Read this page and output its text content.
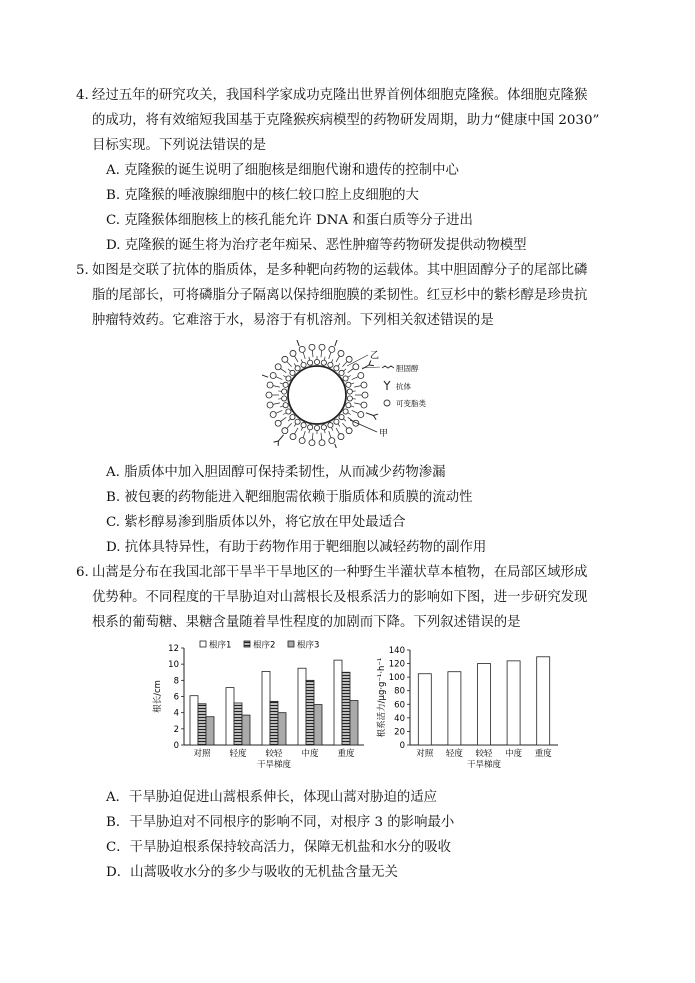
4. 经过五年的研究攻关，我国科学家成功克隆出世界首例体细胞克隆猴。体细胞克隆猴
的成功，将有效缩短我国基于克隆猴疾病模型的药物研发周期，助力“健康中国 2030”
目标实现。下列说法错误的是
A. 克隆猴的诞生说明了细胞核是细胞代谢和遗传的控制中心
B. 克隆猴的唾液腺细胞中的核仁较口腔上皮细胞的大
C. 克隆猴体细胞核上的核孔能允许 DNA 和蛋白质等分子进出
D. 克隆猴的诞生将为治疗老年痴呆、恶性肿瘤等药物研发提供动物模型
5. 如图是交联了抗体的脂质体，是多种靶向药物的运载体。其中胆固醇分子的尾部比磷
脂的尾部长，可将磷脂分子隔离以保持细胞膜的柔韧性。红豆杉中的紫杉醇是珍贵抗
肿瘤特效药。它难溶于水，易溶于有机溶剂。下列相关叙述错误的是
乙
甲
胆固醇
抗体
可变脂类
A. 脂质体中加入胆固醇可保持柔韧性，从而减少药物渗漏
B. 被包裹的药物能进入靶细胞需依赖于脂质体和质膜的流动性
C. 紫杉醇易渗到脂质体以外，将它放在甲处最适合
D. 抗体具特异性，有助于药物作用于靶细胞以减轻药物的副作用
6. 山蒿是分布在我国北部干旱半干旱地区的一种野生半灌状草本植物，在局部区域形成
优势种。不同程度的干旱胁迫对山蒿根长及根系活力的影响如下图，进一步研究发现
根系的葡萄糖、果糖含量随着旱性程度的加剧而下降。下列叙述错误的是
0
2
4
6
8
10
12
对照 轻度 较轻 中度 重度
干旱梯度
根长/cm
根序1	根序2	根序3
0
20
40
60
80
100
120
140
对照 轻度 较轻 中度 重度
干旱梯度
根系活力/μg·g⁻¹·h⁻¹
A．干旱胁迫促进山蒿根系伸长，体现山蒿对胁迫的适应
B．干旱胁迫对不同根序的影响不同，对根序 3 的影响最小
C．干旱胁迫根系保持较高活力，保障无机盐和水分的吸收
D．山蒿吸收水分的多少与吸收的无机盐含量无关
